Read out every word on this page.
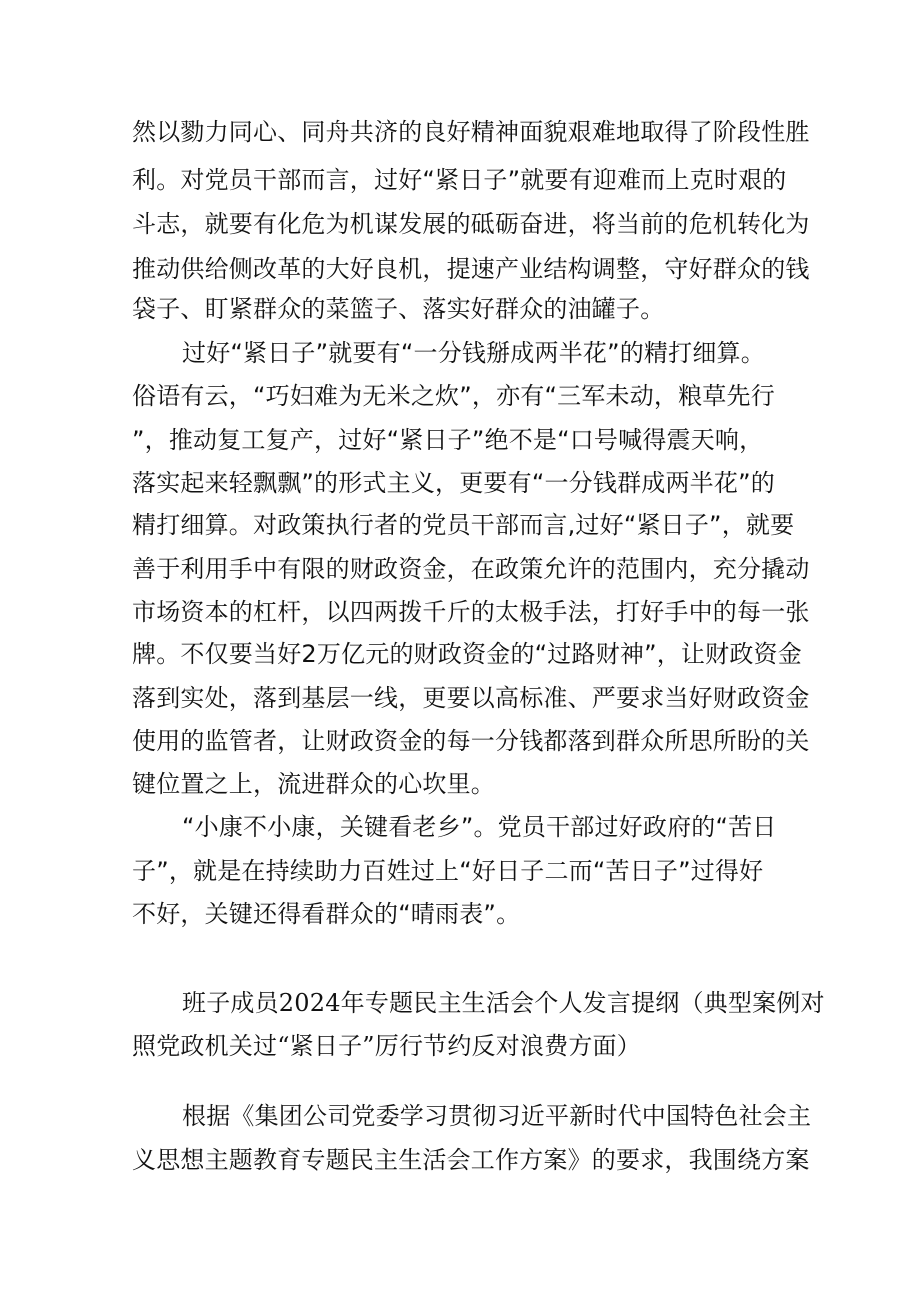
然以勠力同心、同舟共济的良好精神面貌艰难地取得了阶段性胜
利。对党员干部而言，过好“紧日子”就要有迎难而上克时艰的
斗志，就要有化危为机谋发展的砥砺奋进，将当前的危机转化为
推动供给侧改革的大好良机，提速产业结构调整，守好群众的钱
袋子、盯紧群众的菜篮子、落实好群众的油罐子。
过好“紧日子”就要有“一分钱掰成两半花”的精打细算。
俗语有云，“巧妇难为无米之炊”，亦有“三军未动，粮草先行
”，推动复工复产，过好“紧日子”绝不是“口号喊得震天响，
落实起来轻飘飘”的形式主义，更要有“一分钱群成两半花”的
精打细算。对政策执行者的党员干部而言,过好“紧日子”，就要
善于利用手中有限的财政资金，在政策允许的范围内，充分撬动
市场资本的杠杆，以四两拨千斤的太极手法，打好手中的每一张
牌。不仅要当好2万亿元的财政资金的“过路财神”，让财政资金
落到实处，落到基层一线，更要以高标准、严要求当好财政资金
使用的监管者，让财政资金的每一分钱都落到群众所思所盼的关
键位置之上，流进群众的心坎里。
“小康不小康，关键看老乡”。党员干部过好政府的“苦日
子”，就是在持续助力百姓过上“好日子二而“苦日子”过得好
不好，关键还得看群众的“晴雨表”。
班子成员2024年专题民主生活会个人发言提纲（典型案例对
照党政机关过“紧日子”厉行节约反对浪费方面）
根据《集团公司党委学习贯彻习近平新时代中国特色社会主
义思想主题教育专题民主生活会工作方案》的要求，我围绕方案
